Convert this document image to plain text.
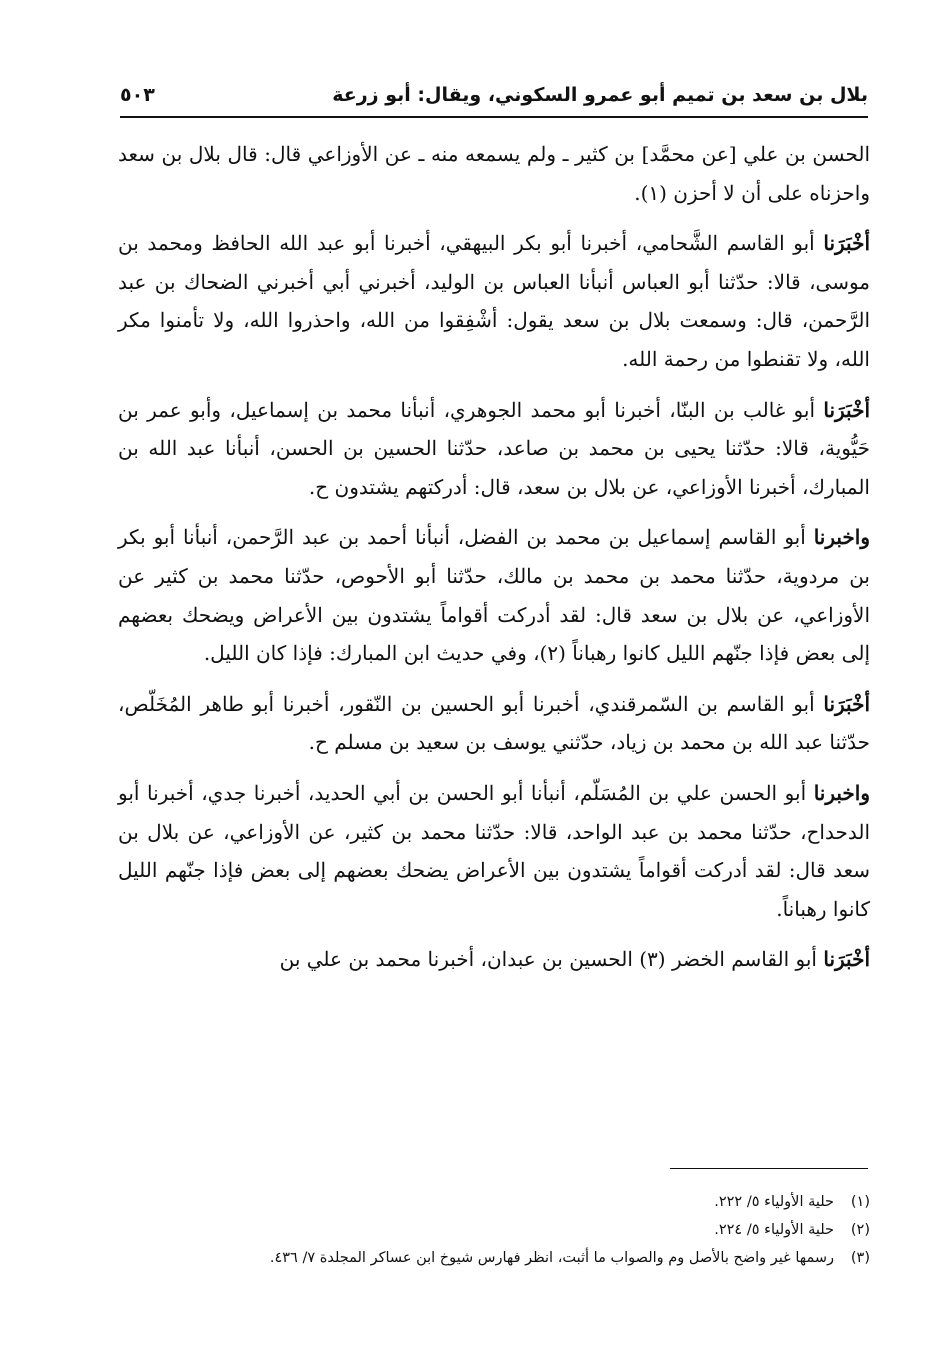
بلال بن سعد بن تميم أبو عمرو السكوني، ويقال: أبو زرعة
٥٠٣

الحسن بن علي [عن محمَّد] بن كثير ـ ولم يسمعه منه ـ عن الأوزاعي قال: قال بلال بن سعد واحزناه على أن لا أحزن (١).

أخْبَرَنا أبو القاسم الشَّحامي، أخبرنا أبو بكر البيهقي، أخبرنا أبو عبد الله الحافظ ومحمد بن موسى، قالا: حدّثنا أبو العباس أنبأنا العباس بن الوليد، أخبرني أبي أخبرني الضحاك بن عبد الرَّحمن، قال: وسمعت بلال بن سعد يقول: أشْفِقوا من الله، واحذروا الله، ولا تأمنوا مكر الله، ولا تقنطوا من رحمة الله.

أخْبَرَنا أبو غالب بن البنّا، أخبرنا أبو محمد الجوهري، أنبأنا محمد بن إسماعيل، وأبو عمر بن حَيُّوية، قالا: حدّثنا يحيى بن محمد بن صاعد، حدّثنا الحسين بن الحسن، أنبأنا عبد الله بن المبارك، أخبرنا الأوزاعي، عن بلال بن سعد، قال: أدركتهم يشتدون ح.

واخبرنا أبو القاسم إسماعيل بن محمد بن الفضل، أنبأنا أحمد بن عبد الرَّحمن، أنبأنا أبو بكر بن مردوية، حدّثنا محمد بن محمد بن مالك، حدّثنا أبو الأحوص، حدّثنا محمد بن كثير عن الأوزاعي، عن بلال بن سعد قال: لقد أدركت أقواماً يشتدون بين الأعراض ويضحك بعضهم إلى بعض فإذا جنّهم الليل كانوا رهباناً (٢)، وفي حديث ابن المبارك: فإذا كان الليل.

أخْبَرَنا أبو القاسم بن السّمرقندي، أخبرنا أبو الحسين بن النّقور، أخبرنا أبو طاهر المُخَلّص، حدّثنا عبد الله بن محمد بن زياد، حدّثني يوسف بن سعيد بن مسلم ح.

واخبرنا أبو الحسن علي بن المُسَلّم، أنبأنا أبو الحسن بن أبي الحديد، أخبرنا جدي، أخبرنا أبو الدحداح، حدّثنا محمد بن عبد الواحد، قالا: حدّثنا محمد بن كثير، عن الأوزاعي، عن بلال بن سعد قال: لقد أدركت أقواماً يشتدون بين الأعراض يضحك بعضهم إلى بعض فإذا جنّهم الليل كانوا رهباناً.

أخْبَرَنا أبو القاسم الخضر (٣) الحسين بن عبدان، أخبرنا محمد بن علي بن

(١)حلية الأولياء ٥/ ٢٢٢.
(٢)حلية الأولياء ٥/ ٢٢٤.
(٣)رسمها غير واضح بالأصل وم والصواب ما أثبت، انظر فهارس شيوخ ابن عساكر المجلدة ٧/ ٤٣٦.
